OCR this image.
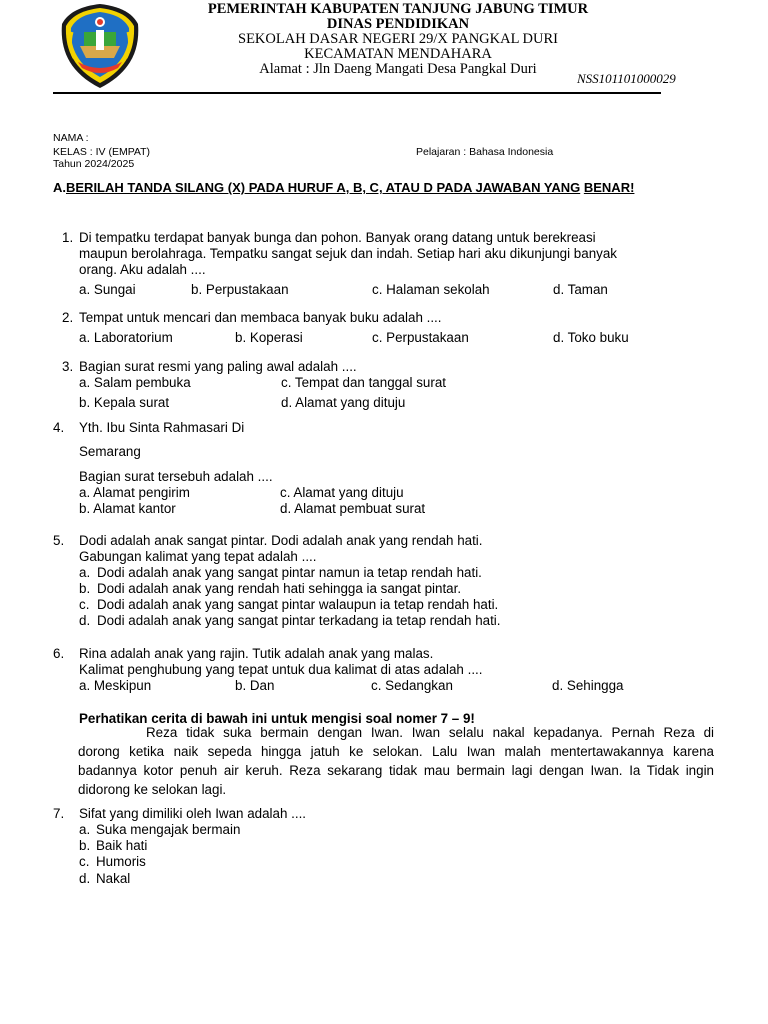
PEMERINTAH KABUPATEN TANJUNG JABUNG TIMUR
DINAS PENDIDIKAN
SEKOLAH DASAR NEGERI 29/X PANGKAL DURI
KECAMATAN MENDAHARA
Alamat : Jln Daeng Mangati Desa Pangkal Duri
NSS101101000029
NAMA :
KELAS : IV (EMPAT)
Tahun 2024/2025
Pelajaran : Bahasa Indonesia
A.BERILAH TANDA SILANG (X) PADA HURUF A, B, C, ATAU D PADA JAWABAN YANG BENAR!
1. Di tempatku terdapat banyak bunga dan pohon. Banyak orang datang untuk berekreasi
maupun berolahraga. Tempatku sangat sejuk dan indah. Setiap hari aku dikunjungi banyak
orang. Aku adalah ....
a. Sungai	b. Perpustakaan	c. Halaman sekolah	d. Taman
2. Tempat untuk mencari dan membaca banyak buku adalah ....
a. Laboratorium	b. Koperasi	c. Perpustakaan	d. Toko buku
3. Bagian surat resmi yang paling awal adalah ....
a. Salam pembuka	c. Tempat dan tanggal surat
b. Kepala surat	d. Alamat yang dituju
4. Yth. Ibu Sinta Rahmasari Di
Semarang
Bagian surat tersebuh adalah ....
a. Alamat pengirim	c. Alamat yang dituju
b. Alamat kantor	d. Alamat pembuat surat
5. Dodi adalah anak sangat pintar. Dodi adalah anak yang rendah hati.
Gabungan kalimat yang tepat adalah ....
a. Dodi adalah anak yang sangat pintar namun ia tetap rendah hati.
b. Dodi adalah anak yang rendah hati sehingga ia sangat pintar.
c. Dodi adalah anak yang sangat pintar walaupun ia tetap rendah hati.
d. Dodi adalah anak yang sangat pintar terkadang ia tetap rendah hati.
6. Rina adalah anak yang rajin. Tutik adalah anak yang malas.
Kalimat penghubung yang tepat untuk dua kalimat di atas adalah ....
a. Meskipun	b. Dan	c. Sedangkan	d. Sehingga
Perhatikan cerita di bawah ini untuk mengisi soal nomer 7 – 9!
Reza tidak suka bermain dengan Iwan. Iwan selalu nakal kepadanya. Pernah Reza di
dorong ketika naik sepeda hingga jatuh ke selokan. Lalu Iwan malah mentertawakannya karena
badannya kotor penuh air keruh. Reza sekarang tidak mau bermain lagi dengan Iwan. Ia Tidak ingin
didorong ke selokan lagi.
7. Sifat yang dimiliki oleh Iwan adalah ....
a. Suka mengajak bermain
b. Baik hati
c. Humoris
d. Nakal
